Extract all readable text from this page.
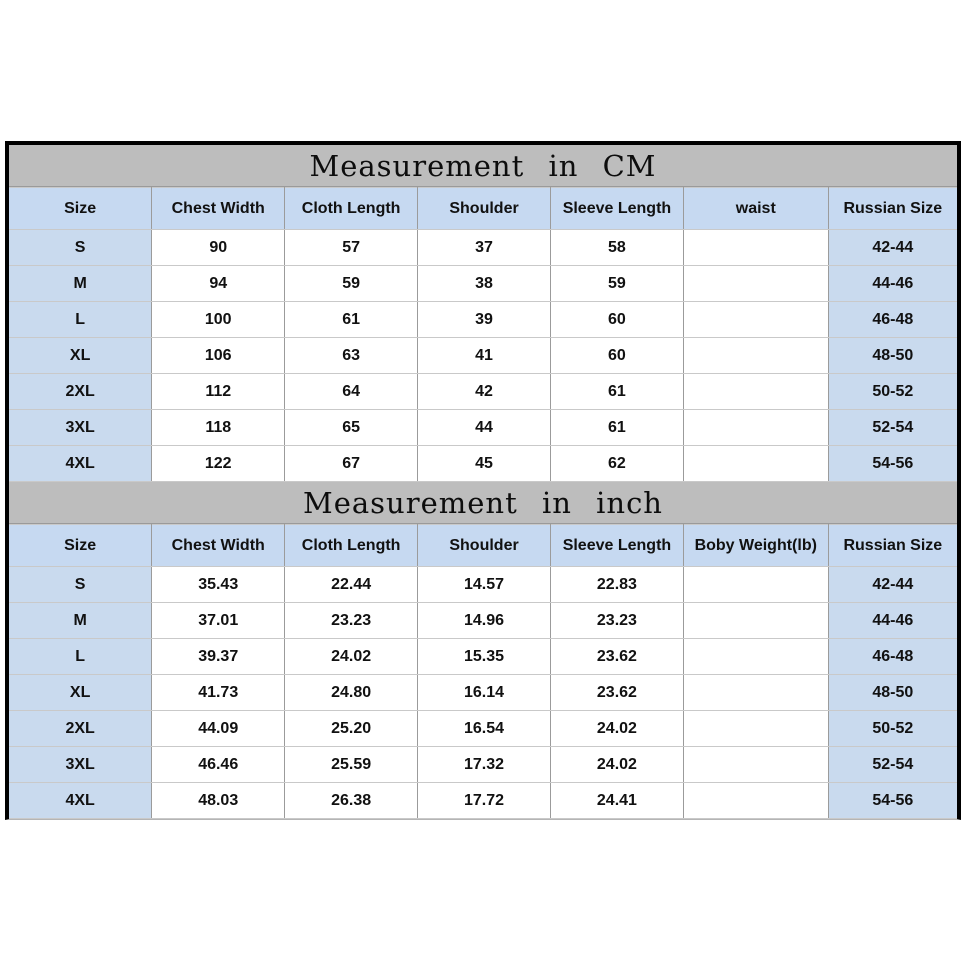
Measurement in CM
Size	Chest Width	Cloth Length	Shoulder	Sleeve Length	waist	Russian Size
S	90	57	37	58		42-44
M	94	59	38	59		44-46
L	100	61	39	60		46-48
XL	106	63	41	60		48-50
2XL	112	64	42	61		50-52
3XL	118	65	44	61		52-54
4XL	122	67	45	62		54-56
Measurement in inch
Size	Chest Width	Cloth Length	Shoulder	Sleeve Length	Boby Weight(lb)	Russian Size
S	35.43	22.44	14.57	22.83		42-44
M	37.01	23.23	14.96	23.23		44-46
L	39.37	24.02	15.35	23.62		46-48
XL	41.73	24.80	16.14	23.62		48-50
2XL	44.09	25.20	16.54	24.02		50-52
3XL	46.46	25.59	17.32	24.02		52-54
4XL	48.03	26.38	17.72	24.41		54-56
